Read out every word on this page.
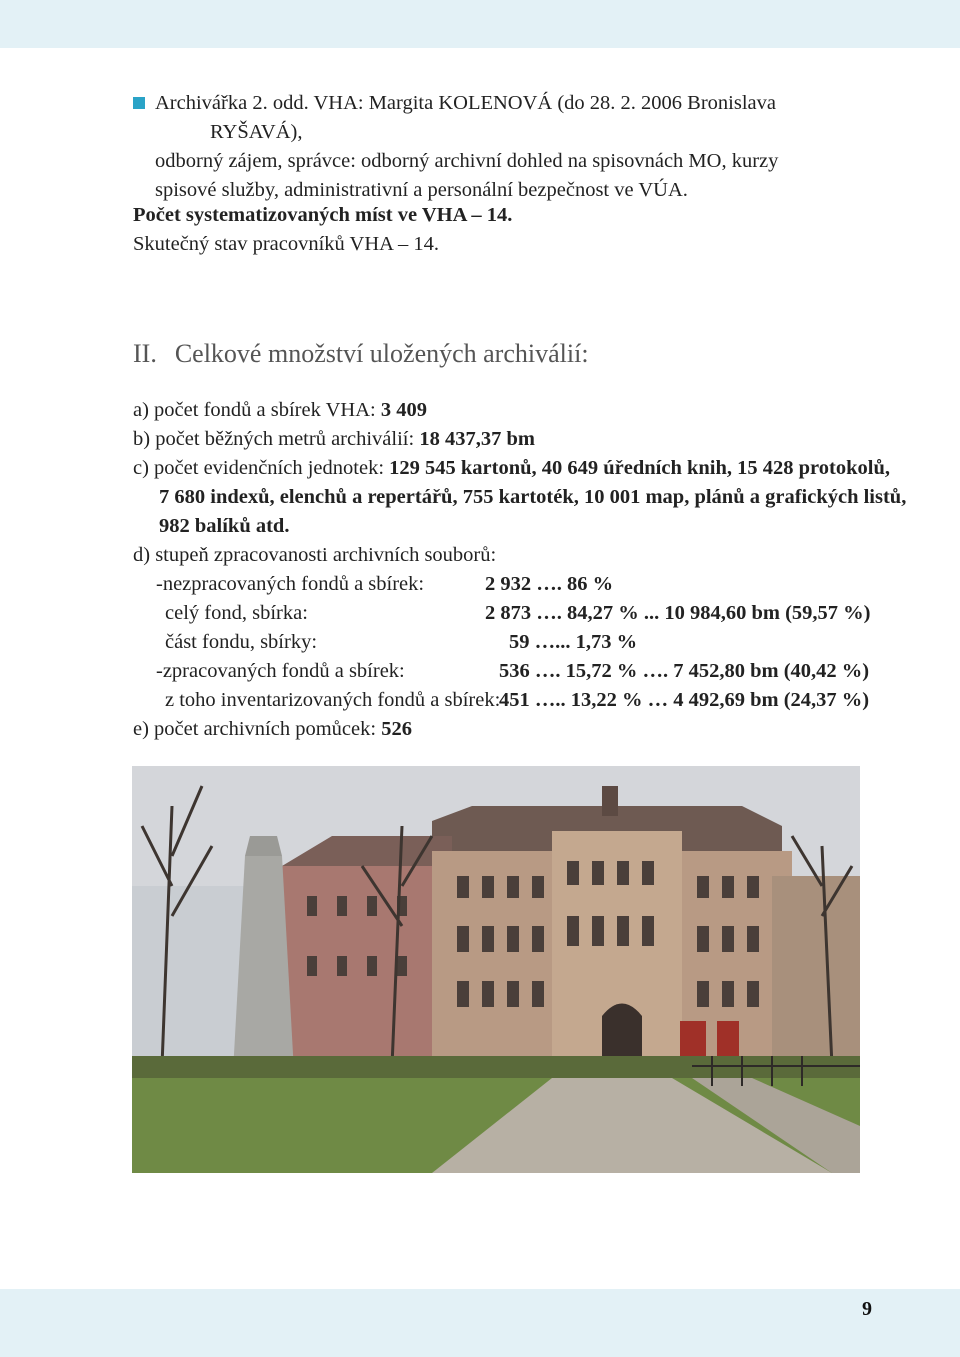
Archivářka 2. odd. VHA: Margita KOLENOVÁ (do 28. 2. 2006 Bronislava RYŠAVÁ),
odborný zájem, správce: odborný archivní dohled na spisovnách MO, kurzy
spisové služby, administrativní a personální bezpečnost ve VÚA.
Počet systematizovaných míst ve VHA – 14.
Skutečný stav pracovníků VHA – 14.
II. Celkové množství uložených archiválií:
a) počet fondů a sbírek VHA: 3 409
b) počet běžných metrů archiválií: 18 437,37 bm
c) počet evidenčních jednotek: 129 545 kartonů, 40 649 úředních knih, 15 428 protokolů,
7 680 indexů, elenchů a repertářů, 755 kartoték, 10 001 map, plánů a grafických listů,
982 balíků atd.
d) stupeň zpracovanosti archivních souborů:
-nezpracovaných fondů a sbírek:	2 932 …. 86 %
celý fond, sbírka:	2 873 …. 84,27 % ... 10 984,60 bm (59,57 %)
část fondu, sbírky:	59 …... 1,73 %
-zpracovaných fondů a sbírek:	536 …. 15,72 % …. 7 452,80 bm (40,42 %)
z toho inventarizovaných fondů a sbírek:
451 ….. 13,22 % … 4 492,69 bm (24,37 %)
e) počet archivních pomůcek: 526
9
